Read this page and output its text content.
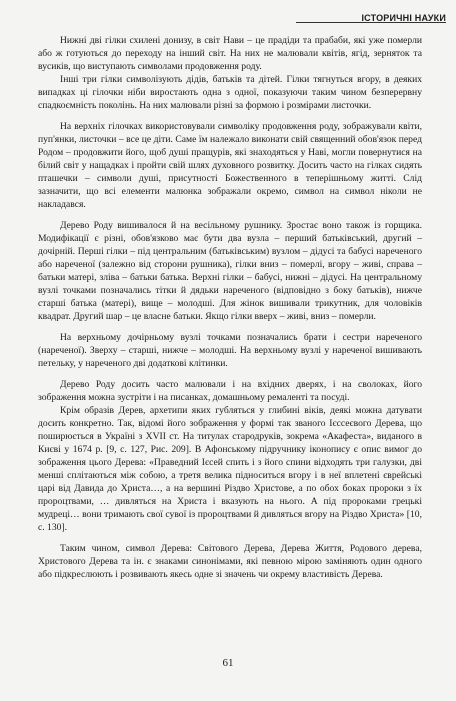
ІСТОРИЧНІ НАУКИ

Нижні дві гілки схилені донизу, в світ Нави – це прадіди та прабаби, які уже померли або ж готуються до переходу на інший світ. На них не малювали квітів, ягід, зерняток та вусиків, що виступають символами продовження роду.

Інші три гілки символізують дідів, батьків та дітей. Гілки тягнуться вгору, в деяких випадках ці гілочки ніби виростають одна з одної, показуючи таким чином безперервну спадкоємність поколінь. На них малювали різні за формою і розмірами листочки.

На верхніх гілочках використовували символіку продовження роду, зображували квіти, пуп'янки, листочки – все це діти. Саме їм належало виконати свій священний обов'язок перед Родом – продовжити його, щоб душі пращурів, які знаходяться у Наві, могли повернутися на білий світ у нащадках і пройти свій шлях духовного розвитку. Досить часто на гілках сидять пташечки – символи душі, присутності Божественного в теперішньому житті. Слід зазначити, що всі елементи малюнка зображали окремо, символ на символ ніколи не накладався.

Дерево Роду вишивалося й на весільному рушнику. Зростає воно також із горщика. Модифікації є різні, обов'язково має бути два вузла – перший батьківський, другий – дочірній. Перші гілки – під центральним (батьківським) вузлом – дідусі та бабусі нареченого або нареченої (залежно від сторони рушника), гілки вниз – померлі, вгору – живі, справа – батьки матері, зліва – батьки батька. Верхні гілки – бабусі, нижні – дідусі. На центральному вузлі точками позначались тітки й дядьки нареченого (відповідно з боку батьків), нижче старші батька (матері), вище – молодші. Для жінок вишивали трикутник, для чоловіків квадрат. Другий шар – це власне батьки. Якщо гілки вверх – живі, вниз – померли.

На верхньому дочірньому вузлі точками позначались брати і сестри нареченого (нареченої). Зверху – старші, нижче – молодші. На верхньому вузлі у нареченої вишивають петельку, у нареченого дві додаткові клітинки.

Дерево Роду досить часто малювали і на вхідних дверях, і на сволоках, його зображення можна зустріти і на писанках, домашньому ремаленті та посуді.

Крім образів Дерев, архетипи яких губляться у глибині віків, деякі можна датувати досить конкретно. Так, відомі його зображення у формі так званого Ієссеєвого Дерева, що поширюється в Україні з XVII ст. На титулах стародруків, зокрема «Акафеста», виданого в Києві у 1674 р. [9, с. 127, Рис. 209]. В Афонському підручнику іконопису є опис вимог до зображення цього Дерева: «Праведний Ієсей спить і з його спини відходять три галузки, дві менші сплітаються між собою, а третя велика підноситься вгору і в неї вплетені єврейські царі від Давида до Христа…, а на вершині Різдво Христове, а по обох боках пророки з їх пророцтвами, … дивляться на Христа і вказують на нього. А під пророками грецькі мудреці… вони тримають свої сувої із пророцтвами й дивляться вгору на Різдво Христа» [10, с. 130].

Таким чином, символ Дерева: Світового Дерева, Дерева Життя, Родового дерева, Христового Дерева та ін. є знаками синонімами, які певною мірою заміняють один одного або підкреслюють і розвивають якесь одне зі значень чи окрему властивість Дерева.

61
